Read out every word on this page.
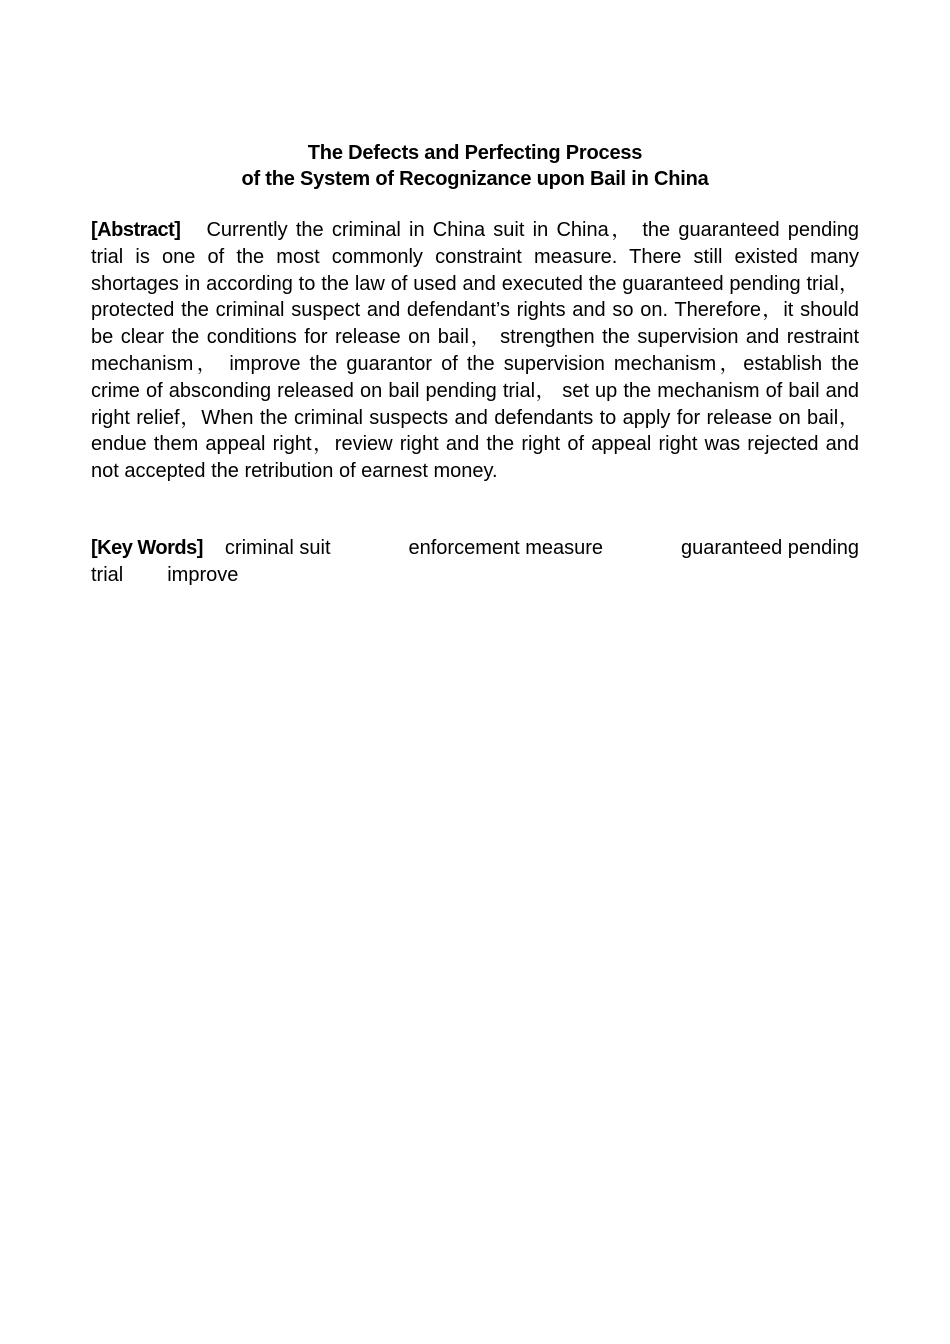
The Defects and Perfecting Process
of the System of Recognizance upon Bail in China
[Abstract] Currently the criminal in China suit in China， the guaranteed pending trial is one of the most commonly constraint measure. There still existed many shortages in according to the law of used and executed the guaranteed pending trial， protected the criminal suspect and defendant’s rights and so on. Therefore，it should be clear the conditions for release on bail， strengthen the supervision and restraint mechanism， improve the guarantor of the supervision mechanism，establish the crime of absconding released on bail pending trial， set up the mechanism of bail and right relief，When the criminal suspects and defendants to apply for release on bail，endue them appeal right，review right and the right of appeal right was rejected and not accepted the retribution of earnest money.
[Key Words] criminal suit	enforcement measure	guaranteed pending
trial improve
